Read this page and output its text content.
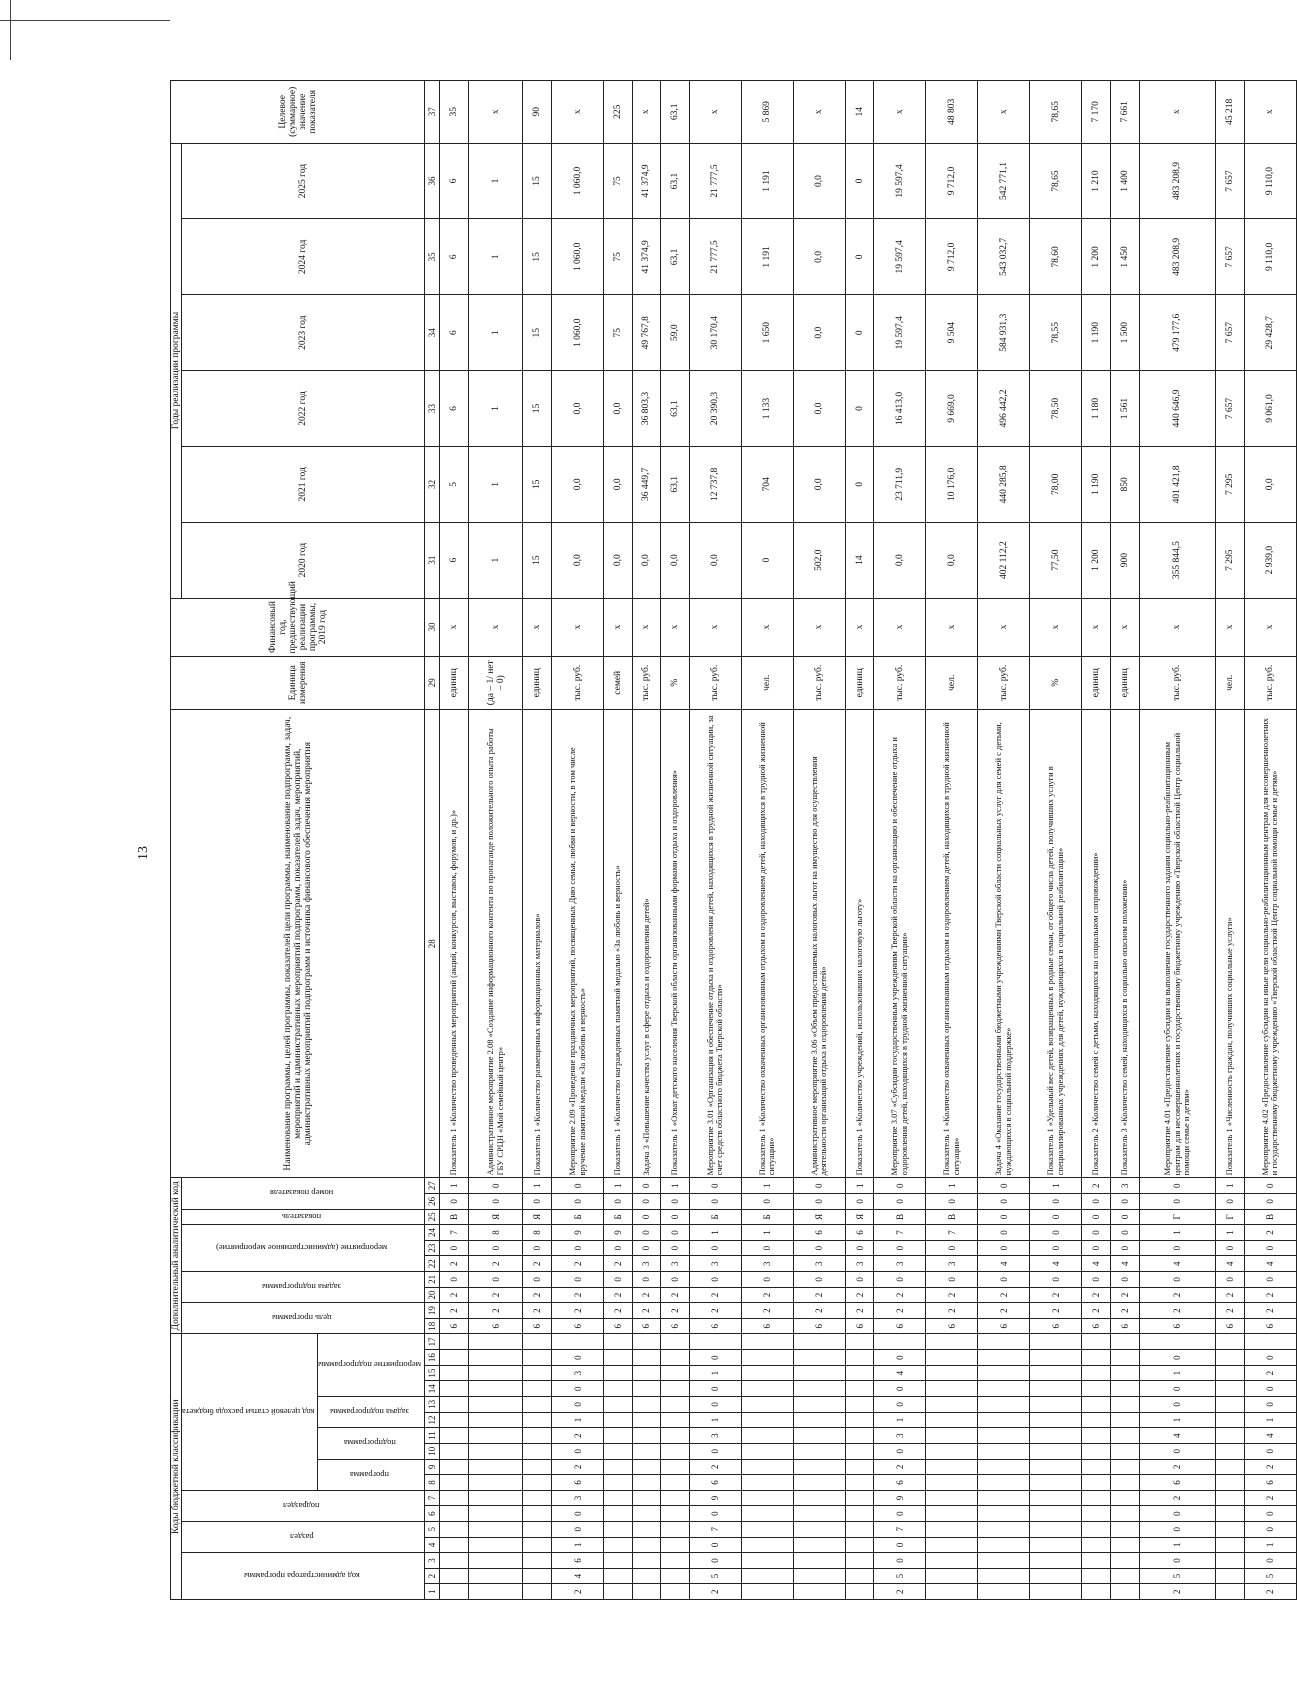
13
Коды бюджетной классификации																	Дополнительный аналитический код										Наименование программы, целей программы, показателей цели программы, наименование подпрограмм, задач, мероприятий и административных мероприятий подпрограмм, показателей задач, мероприятий, административных мероприятий подпрограмм и источника финансового обеспечения мероприятия	Единица измерения	Финансовый год, предшествующий реализации программы, 2019 год	Годы реализации программы						Целевое (суммарное) значение показателя
код администратора программы			раздел		подраздел		код целевой статьи расхода бюджета										цель программы		задача подпрограммы		мероприятие (административное мероприятие)			показатель	номер показателя					2020 год	2021 год	2022 год	2023 год	2024 год	2025 год	
							программа		подпрограмма		задача подпрограммы		мероприятие подпрограммы																							

1	2	3	4	5	6	7	8	9	10	11	12	13	14	15	16	17	18	19	20	21	22	23	24	25	26	27	28	29	30	31	32	33	34	35	36	37
																	6	2	2	0	2	0	7	В	0	1	Показатель 1 «Количество проведенных мероприятий (акций, конкурсов, выставок, форумов, и др.)»	единиц	x	6	5	6	6	6	6	35
																	6	2	2	0	2	0	8	Я	0	0	Административное мероприятие 2.08 «Создание информационного контента по пропаганде положительного опыта работы ГБУ СРЦН «Мой семейный центр»	(да – 1/ нет – 0)	x	1	1	1	1	1	1	x
																	6	2	2	0	2	0	8	Я	0	1	Показатель 1 «Количество размещенных информационных материалов»	единиц	x	15	15	15	15	15	15	90
2	4	6	1	0	0	3	6	2	0	2	1	0	0	3	0		6	2	2	0	2	0	9	Б	0	0	Мероприятие 2.09 «Проведение праздничных мероприятий, посвященных Дню семьи, любви и верности, в том числе вручение памятной медали «За любовь и верность»	тыс. руб.	x	0,0	0,0	0,0	1 060,0	1 060,0	1 060,0	x
																	6	2	2	0	2	0	9	Б	0	1	Показатель 1 «Количество награжденных памятной медалью «За любовь и верность»	семей	x	0,0	0,0	0,0	75	75	75	225
																	6	2	2	0	3	0	0	0	0	0	Задача 3 «Повышение качества услуг в сфере отдыха и оздоровления детей»	тыс. руб.	x	0,0	36 449,7	36 803,3	49 767,8	41 374,9	41 374,9	x
																	6	2	2	0	3	0	0	0	0	1	Показатель 1 «Охват детского населения Тверской области организованными формами отдыха и оздоровления»	%	x	0,0	63,1	63,1	59,0	63,1	63,1	63,1
2	5	0	0	7	0	9	6	2	0	3	1	0	0	1	0		6	2	2	0	3	0	1	Б	0	0	Мероприятие 3.01 «Организация и обеспечение отдыха и оздоровления детей, находящихся в трудной жизненной ситуации, за счет средств областного бюджета Тверской области»	тыс. руб.	x	0,0	12 737,8	20 390,3	30 170,4	21 777,5	21 777,5	x
																	6	2	2	0	3	0	1	Б	0	1	Показатель 1 «Количество охваченных организованным отдыхом и оздоровлением детей, находящихся в трудной жизненной ситуации»	чел.	x	0	704	1 133	1 650	1 191	1 191	5 869
																	6	2	2	0	3	0	6	Я	0	0	Административное мероприятие 3.06 «Объем предоставляемых налоговых льгот на имущество для осуществления деятельности организаций отдыха и оздоровления детей»	тыс. руб.	x	502,0	0,0	0,0	0,0	0,0	0,0	x
																	6	2	2	0	3	0	6	Я	0	1	Показатель 1 «Количество учреждений, использовавших налоговую льготу»	единиц	x	14	0	0	0	0	0	14
2	5	0	0	7	0	9	6	2	0	3	1	0	0	4	0		6	2	2	0	3	0	7	В	0	0	Мероприятие 3.07 «Субсидии государственным учреждениям Тверской области на организацию и обеспечение отдыха и оздоровления детей, находящихся в трудной жизненной ситуации»	тыс. руб.	x	0,0	23 711,9	16 413,0	19 597,4	19 597,4	19 597,4	x
																	6	2	2	0	3	0	7	В	0	1	Показатель 1 «Количество охваченных организованным отдыхом и оздоровлением детей, находящихся в трудной жизненной ситуации»	чел.	x	0,0	10 176,0	9 669,0	9 504	9 712,0	9 712,0	48 803
																	6	2	2	0	4	0	0	0	0	0	Задача 4 «Оказание государственными бюджетными учреждениями Тверской области социальных услуг для семей с детьми, нуждающихся в социальной поддержке»	тыс. руб.	x	402 112,2	440 285,8	496 442,2	584 931,3	543 032,7	542 771,1	x
																	6	2	2	0	4	0	0	0	0	1	Показатель 1 «Удельный вес детей, возвращенных в родные семьи, от общего числа детей, получивших услуги в специализированных учреждениях для детей, нуждающихся в социальной реабилитации»	%	x	77,50	78,00	78,50	78,55	78,60	78,65	78,65
																	6	2	2	0	4	0	0	0	0	2	Показатель 2 «Количество семей с детьми, находящихся на социальном сопровождении»	единиц	x	1 200	1 190	1 180	1 190	1 200	1 210	7 170
																	6	2	2	0	4	0	0	0	0	3	Показатель 3 «Количество семей, находящихся в социально опасном положении»	единиц	x	900	850	1 561	1 500	1 450	1 400	7 661
2	5	0	1	0	0	2	6	2	0	4	1	0	0	1	0		6	2	2	0	4	0	1	Г	0	0	Мероприятие 4.01 «Предоставление субсидии на выполнение государственного задания социально-реабилитационным центрам для несовершеннолетних и государственному бюджетному учреждению «Тверской областной Центр социальной помощи семье и детям»	тыс. руб.	x	355 844,5	401 421,8	440 646,9	479 177,6	483 208,9	483 208,9	x
																	6	2	2	0	4	0	1	Г	0	1	Показатель 1 «Численность граждан, получивших социальные услуги»	чел.	x	7 295	7 295	7 657	7 657	7 657	7 657	45 218
2	5	0	1	0	0	2	6	2	0	4	1	0	0	2	0		6	2	2	0	4	0	2	В	0	0	Мероприятие 4.02 «Предоставление субсидии на иные цели социально-реабилитационным центрам для несовершеннолетних и государственному бюджетному учреждению «Тверской областной Центр социальной помощи семье и детям»	тыс. руб.	x	2 939,0	0,0	9 061,0	29 428,7	9 110,0	9 110,0	x
